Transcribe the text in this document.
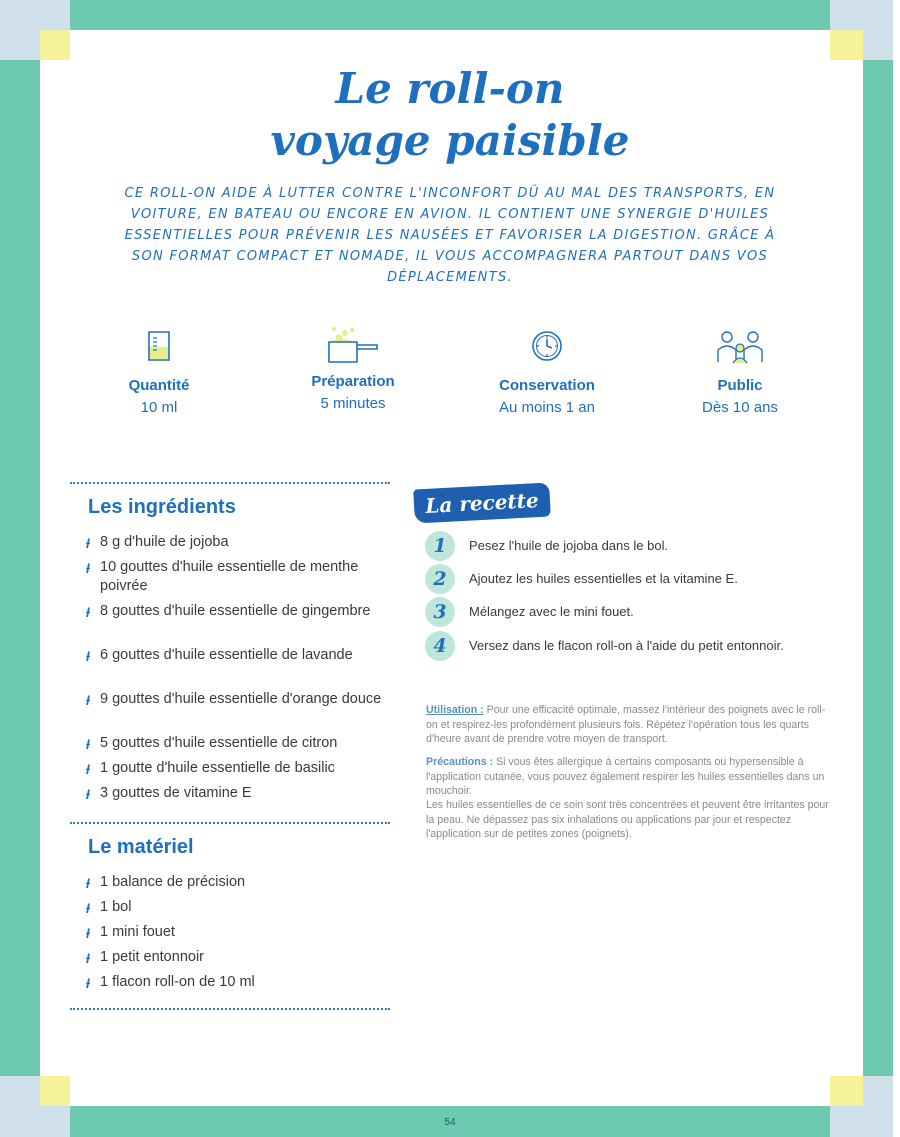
Le roll-on
voyage paisible
CE ROLL-ON AIDE À LUTTER CONTRE L'INCONFORT DÛ AU MAL DES TRANSPORTS, EN VOITURE, EN BATEAU OU ENCORE EN AVION. IL CONTIENT UNE SYNERGIE D'HUILES ESSENTIELLES POUR PRÉVENIR LES NAUSÉES ET FAVORISER LA DIGESTION. GRÂCE À SON FORMAT COMPACT ET NOMADE, IL VOUS ACCOMPAGNERA PARTOUT DANS VOS DÉPLACEMENTS.
Quantité
10 ml
Préparation
5 minutes
Conservation
Au moins 1 an
Public
Dès 10 ans
Les ingrédients
ƚ 8 g d'huile de jojoba
ƚ 10 gouttes d'huile essentielle de menthe poivrée
ƚ 8 gouttes d'huile essentielle de gingembre
ƚ 6 gouttes d'huile essentielle de lavande
ƚ 9 gouttes d'huile essentielle d'orange douce
ƚ 5 gouttes d'huile essentielle de citron
ƚ 1 goutte d'huile essentielle de basilic
ƚ 3 gouttes de vitamine E
Le matériel
ƚ 1 balance de précision
ƚ 1 bol
ƚ 1 mini fouet
ƚ 1 petit entonnoir
ƚ 1 flacon roll-on de 10 ml
La recette
1	Pesez l'huile de jojoba dans le bol.
2	Ajoutez les huiles essentielles et la vitamine E.
3	Mélangez avec le mini fouet.
4	Versez dans le flacon roll-on à l'aide du petit entonnoir.

Utilisation : Pour une efficacité optimale, massez l'intérieur des poignets avec le roll-on et respirez-les profondément plusieurs fois. Répétez l'opération tous les quarts d'heure avant de prendre votre moyen de transport.

Précautions : Si vous êtes allergique à certains composants ou hypersensible à l'application cutanée, vous pouvez également respirer les huiles essentielles dans un mouchoir.

Les huiles essentielles de ce soin sont très concentrées et peuvent être irritantes pour la peau. Ne dépassez pas six inhalations ou applications par jour et respectez l'application sur de petites zones (poignets).

54
